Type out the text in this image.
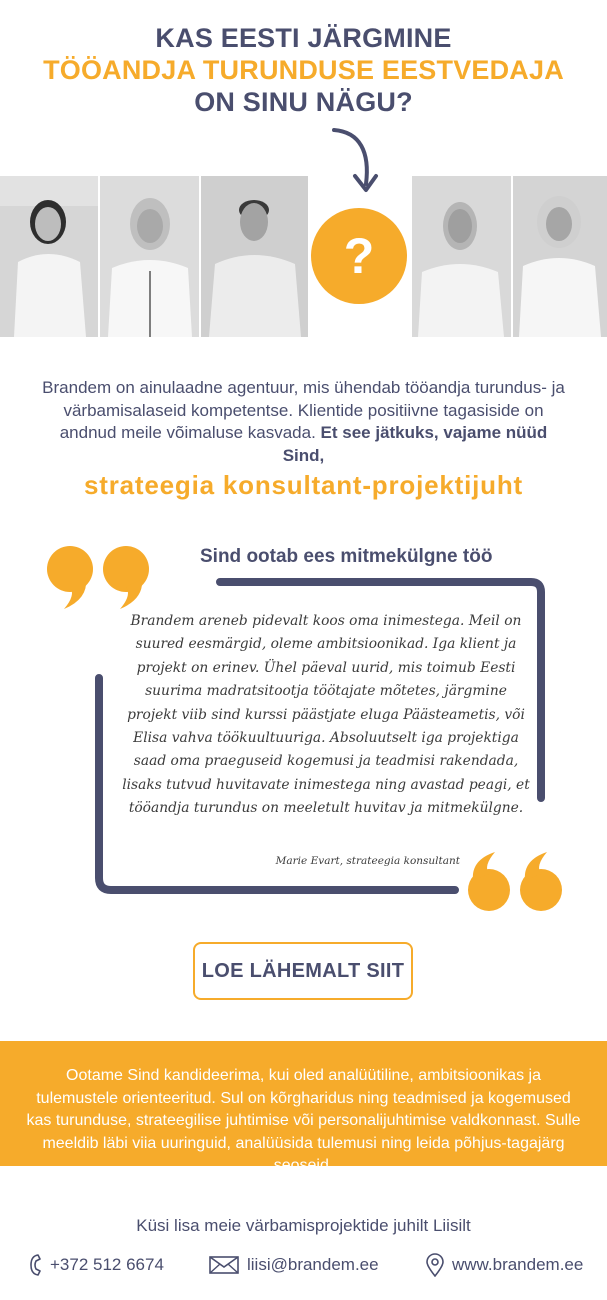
KAS EESTI JÄRGMINE
TÖÖANDJA TURUNDUSE EESTVEDAJA
ON SINU NÄGU?
?
Brandem on ainulaadne agentuur, mis ühendab tööandja turundus- ja värbamisalaseid kompetentse. Klientide positiivne tagasiside on andnud meile võimaluse kasvada. Et see jätkuks, vajame nüüd Sind,
strateegia konsultant-projektijuht
Sind ootab ees mitmekülgne töö
Brandem areneb pidevalt koos oma inimestega. Meil on suured eesmärgid, oleme ambitsioonikad. Iga klient ja projekt on erinev. Ühel päeval uurid, mis toimub Eesti suurima madratsitootja töötajate mõtetes, järgmine projekt viib sind kurssi päästjate eluga Päästeametis, või Elisa vahva töökuultuuriga. Absoluutselt iga projektiga saad oma praeguseid kogemusi ja teadmisi rakendada, lisaks tutvud huvitavate inimestega ning avastad peagi, et tööandja turundus on meeletult huvitav ja mitmekülgne.
Marie Evart, strateegia konsultant
LOE LÄHEMALT SIIT

Ootame Sind kandideerima, kui oled analüütiline, ambitsioonikas ja tulemustele orienteeritud. Sul on kõrgharidus ning teadmised ja kogemused kas turunduse, strateegilise juhtimise või personalijuhtimise valdkonnast. Sulle meeldib läbi viia uuringuid, analüüsida tulemusi ning leida põhjus-tagajärg seoseid.

Küsi lisa meie värbamisprojektide juhilt Liisilt
+372 512 6674	liisi@brandem.ee	www.brandem.ee
